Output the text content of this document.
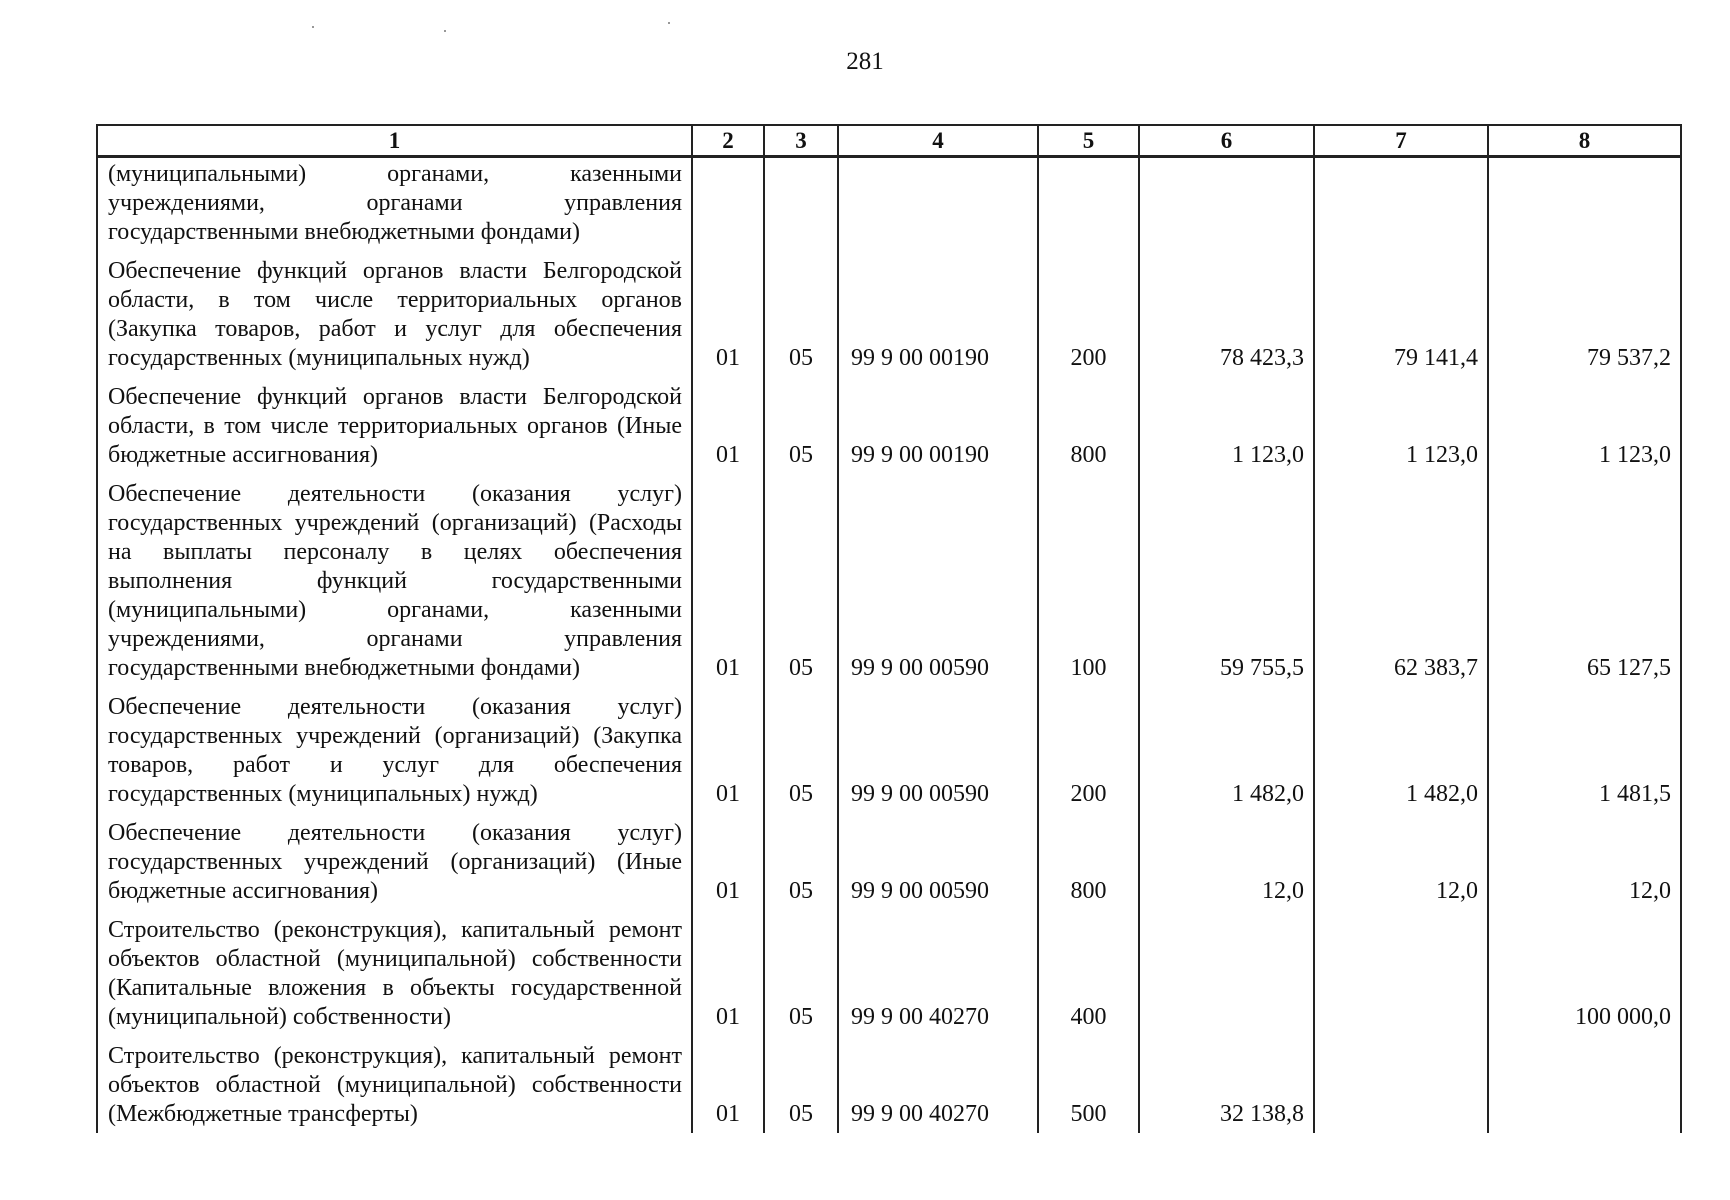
281
1	2	3	4	5	6	7	8
(муниципальными) органами, казенными учреждениями, органами управления государственными внебюджетными фондами)							
Обеспечение функций органов власти Белгородской области, в том числе территориальных органов (Закупка товаров, работ и услуг для обеспечения государственных (муниципальных нужд)	01	05	99 9 00 00190	200	78 423,3	79 141,4	79 537,2
Обеспечение функций органов власти Белгородской области, в том числе территориальных органов (Иные бюджетные ассигнования)	01	05	99 9 00 00190	800	1 123,0	1 123,0	1 123,0
Обеспечение деятельности (оказания услуг) государственных учреждений (организаций) (Расходы на выплаты персоналу в целях обеспечения выполнения функций государственными (муниципальными) органами, казенными учреждениями, органами управления государственными внебюджетными фондами)	01	05	99 9 00 00590	100	59 755,5	62 383,7	65 127,5
Обеспечение деятельности (оказания услуг) государственных учреждений (организаций) (Закупка товаров, работ и услуг для обеспечения государственных (муниципальных) нужд)	01	05	99 9 00 00590	200	1 482,0	1 482,0	1 481,5
Обеспечение деятельности (оказания услуг) государственных учреждений (организаций) (Иные бюджетные ассигнования)	01	05	99 9 00 00590	800	12,0	12,0	12,0
Строительство (реконструкция), капитальный ремонт объектов областной (муниципальной) собственности (Капитальные вложения в объекты государственной (муниципальной) собственности)	01	05	99 9 00 40270	400			100 000,0
Строительство (реконструкция), капитальный ремонт объектов областной (муниципальной) собственности (Межбюджетные трансферты)	01	05	99 9 00 40270	500	32 138,8		
